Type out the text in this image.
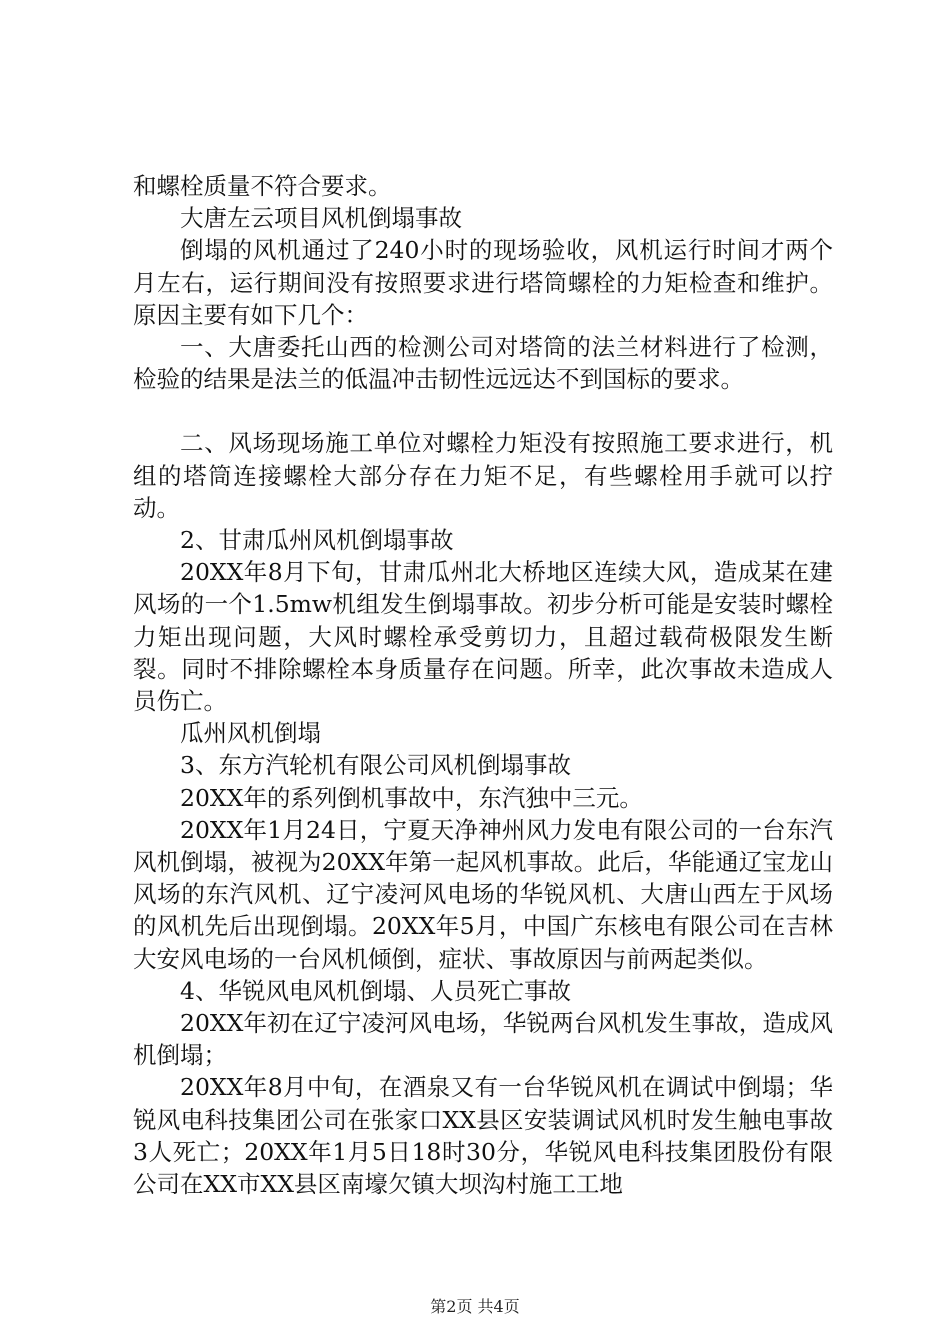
和螺栓质量不符合要求。

大唐左云项目风机倒塌事故

倒塌的风机通过了240小时的现场验收，风机运行时间才两个月左右，运行期间没有按照要求进行塔筒螺栓的力矩检查和维护。原因主要有如下几个：

一、大唐委托山西的检测公司对塔筒的法兰材料进行了检测，检验的结果是法兰的低温冲击韧性远远达不到国标的要求。

二、风场现场施工单位对螺栓力矩没有按照施工要求进行，机组的塔筒连接螺栓大部分存在力矩不足，有些螺栓用手就可以拧动。

2、甘肃瓜州风机倒塌事故

20XX年8月下旬，甘肃瓜州北大桥地区连续大风，造成某在建风场的一个1.5mw机组发生倒塌事故。初步分析可能是安装时螺栓力矩出现问题，大风时螺栓承受剪切力，且超过载荷极限发生断裂。同时不排除螺栓本身质量存在问题。所幸，此次事故未造成人员伤亡。

瓜州风机倒塌

3、东方汽轮机有限公司风机倒塌事故

20XX年的系列倒机事故中，东汽独中三元。

20XX年1月24日，宁夏天净神州风力发电有限公司的一台东汽风机倒塌，被视为20XX年第一起风机事故。此后，华能通辽宝龙山风场的东汽风机、辽宁凌河风电场的华锐风机、大唐山西左于风场的风机先后出现倒塌。20XX年5月，中国广东核电有限公司在吉林大安风电场的一台风机倾倒，症状、事故原因与前两起类似。

4、华锐风电风机倒塌、人员死亡事故

20XX年初在辽宁凌河风电场，华锐两台风机发生事故，造成风机倒塌；

20XX年8月中旬，在酒泉又有一台华锐风机在调试中倒塌；华锐风电科技集团公司在张家口XX县区安装调试风机时发生触电事故3人死亡；20XX年1月5日18时30分，华锐风电科技集团股份有限公司在XX市XX县区南壕欠镇大坝沟村施工工地

第2页 共4页
